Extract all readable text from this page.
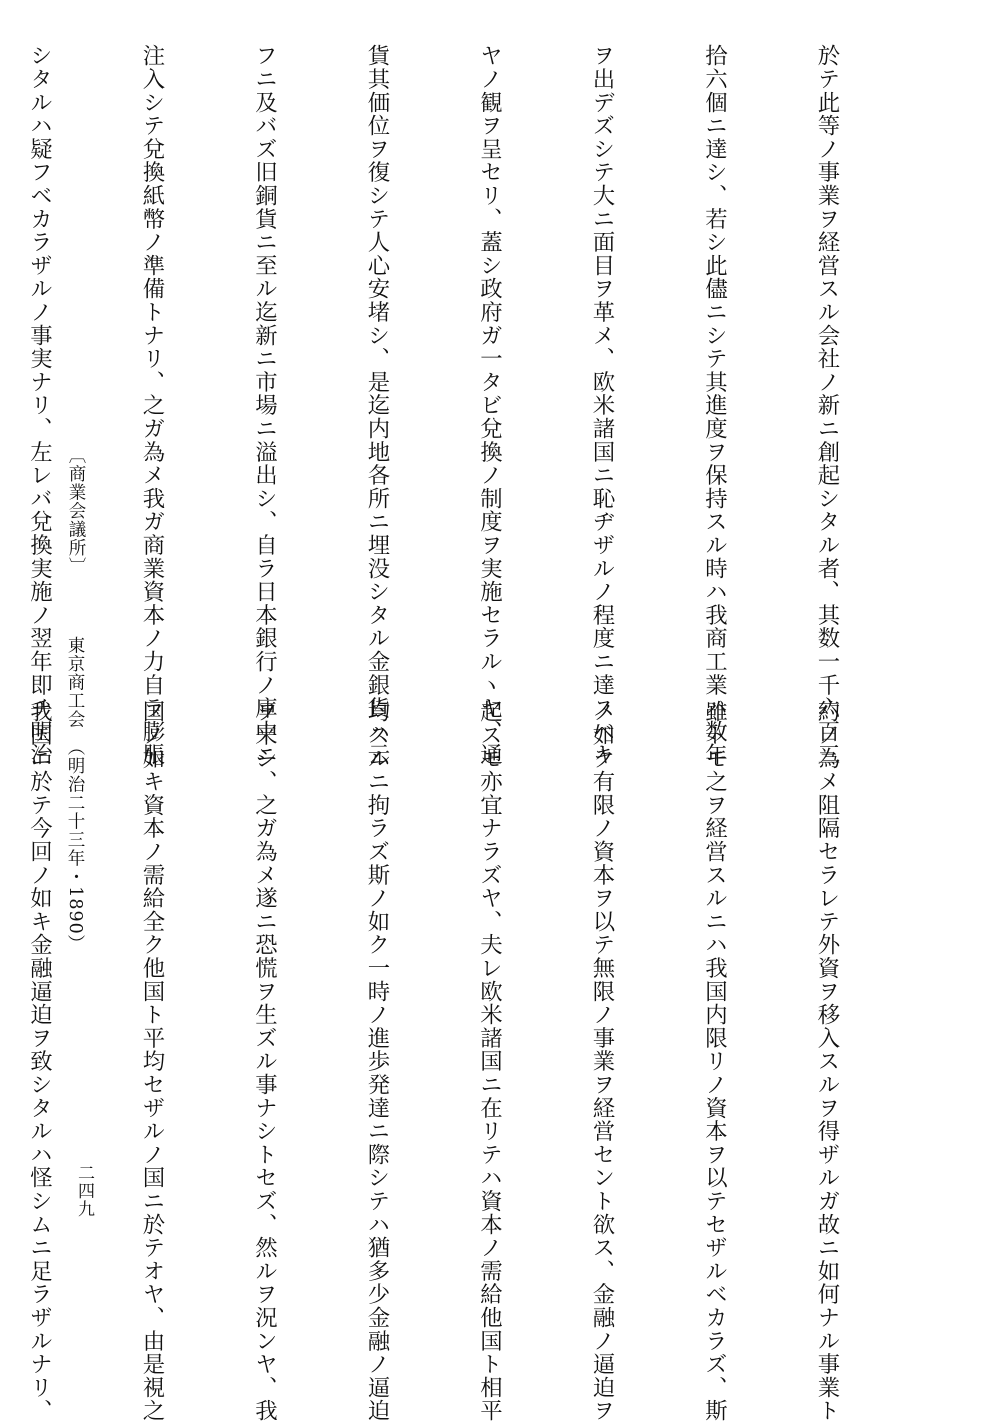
於テ此等ノ事業ヲ経営スル会社ノ新ニ創起シタル者、其数一千六百三

拾六個ニ達シ、若シ此儘ニシテ其進度ヲ保持スル時ハ我商工業ハ数年

ヲ出デズシテ大ニ面目ヲ革メ、欧米諸国ニ恥ヂザルノ程度ニ達スベキ

ヤノ観ヲ呈セリ、蓋シ政府ガ一タビ兌換ノ制度ヲ実施セラルヽヤ、通

貨其価位ヲ復シテ人心安堵シ、是迄内地各所ニ埋没シタル金銀貨ハ云

フニ及バズ旧銅貨ニ至ル迄新ニ市場ニ溢出シ、自ラ日本銀行ノ庫中ニ

注入シテ兌換紙幣ノ準備トナリ、之ガ為メ我ガ商業資本ノ力自ラ膨脹

シタルハ疑フベカラザルノ事実ナリ、左レバ兌換実施ノ翌年即チ明治

約ノ為メ阻隔セラレテ外資ヲ移入スルヲ得ザルガ故ニ如何ナル事業ト

雖トモ之ヲ経営スルニハ我国内限リノ資本ヲ以テセザルベカラズ、斯

ノ如ク有限ノ資本ヲ以テ無限ノ事業ヲ経営セント欲ス、金融ノ逼迫ヲ

起スモ亦宜ナラズヤ、夫レ欧米諸国ニ在リテハ資本ノ需給他国ト相平

均スルニ拘ラズ斯ノ如ク一時ノ進歩発達ニ際シテハ猶多少金融ノ逼迫

ヲ来シ、之ガ為メ遂ニ恐慌ヲ生ズル事ナシトセズ、然ルヲ況ンヤ、我

国ノ如キ資本ノ需給全ク他国ト平均セザルノ国ニ於テオヤ、由是視之

我国ニ於テ今回ノ如キ金融逼迫ヲ致シタルハ怪シムニ足ラザルナリ、

〔商業会議所〕
東京商工会　（明治二十三年・1890）
二四九
